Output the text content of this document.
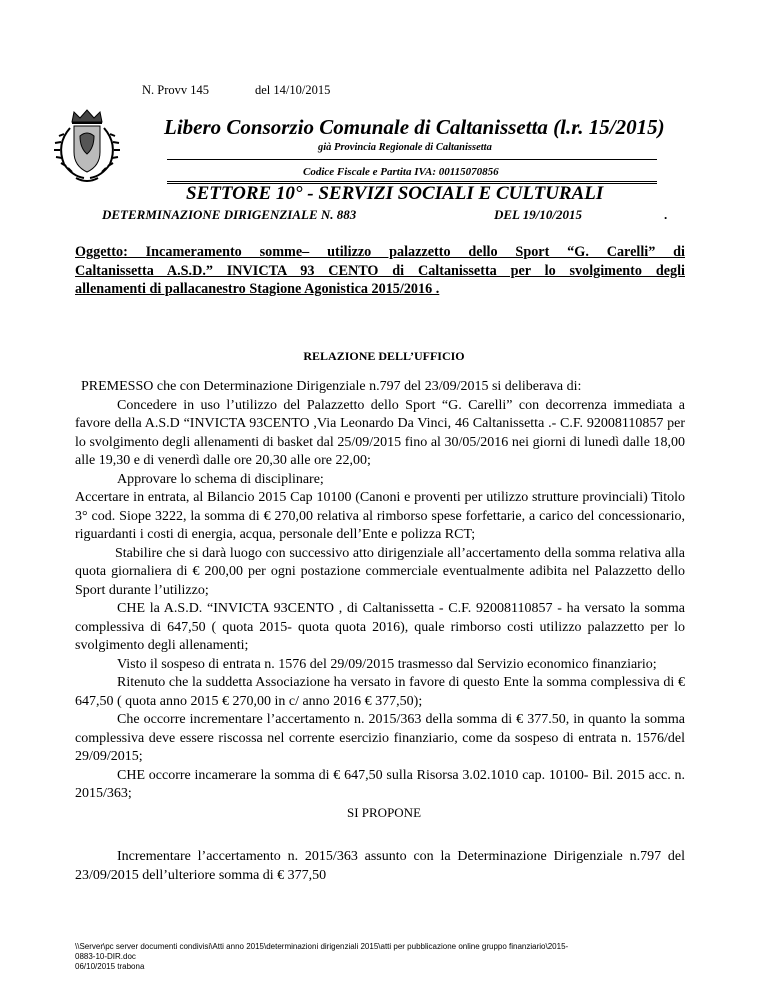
N. Provv 145	del 14/10/2015
Libero Consorzio Comunale di Caltanissetta (l.r. 15/2015)
già Provincia Regionale di Caltanissetta
Codice Fiscale e Partita IVA: 00115070856
SETTORE 10° - SERVIZI SOCIALI E CULTURALI
DETERMINAZIONE DIRIGENZIALE N. 883	DEL 19/10/2015	.
Oggetto: Incameramento somme– utilizzo palazzetto dello Sport “G. Carelli” di
Caltanissetta A.S.D.” INVICTA 93 CENTO di Caltanissetta per lo svolgimento degli
allenamenti di pallacanestro Stagione Agonistica 2015/2016 .
RELAZIONE DELL’UFFICIO

PREMESSO che con Determinazione Dirigenziale n.797 del 23/09/2015 si deliberava di:

Concedere in uso l’utilizzo del Palazzetto dello Sport “G. Carelli” con decorrenza immediata a favore della A.S.D “INVICTA 93CENTO ,Via Leonardo Da Vinci, 46 Caltanissetta .- C.F. 92008110857 per lo svolgimento degli allenamenti di basket dal 25/09/2015 fino al 30/05/2016 nei giorni di lunedì dalle 18,00 alle 19,30 e di venerdì dalle ore 20,30 alle ore 22,00;

Approvare lo schema di disciplinare;

Accertare in entrata, al Bilancio 2015 Cap 10100 (Canoni e proventi per utilizzo strutture provinciali) Titolo 3° cod. Siope 3222, la somma di € 270,00 relativa al rimborso spese forfettarie, a carico del concessionario, riguardanti i costi di energia, acqua, personale dell’Ente e polizza RCT;

Stabilire che si darà luogo con successivo atto dirigenziale all’accertamento della somma relativa alla quota giornaliera di € 200,00 per ogni postazione commerciale eventualmente adibita nel Palazzetto dello Sport durante l’utilizzo;

CHE la A.S.D. “INVICTA 93CENTO , di Caltanissetta - C.F. 92008110857 - ha versato la somma complessiva di 647,50 ( quota 2015- quota quota 2016), quale rimborso costi utilizzo palazzetto per lo svolgimento degli allenamenti;

Visto il sospeso di entrata n. 1576 del 29/09/2015 trasmesso dal Servizio economico finanziario;

Ritenuto che la suddetta Associazione ha versato in favore di questo Ente la somma complessiva di € 647,50 ( quota anno 2015 € 270,00 in c/ anno 2016 € 377,50);

Che occorre incrementare l’accertamento n. 2015/363 della somma di € 377.50, in quanto la somma complessiva deve essere riscossa nel corrente esercizio finanziario, come da sospeso di entrata n. 1576/del 29/09/2015;

CHE occorre incamerare la somma di € 647,50 sulla Risorsa 3.02.1010 cap. 10100- Bil. 2015 acc. n. 2015/363;

SI PROPONE

Incrementare l’accertamento n. 2015/363 assunto con la Determinazione Dirigenziale n.797 del 23/09/2015 dell’ulteriore somma di € 377,50

\\Server\pc server documenti condivisi\Atti anno 2015\determinazioni dirigenziali 2015\atti per pubblicazione online gruppo finanziario\2015-
0883-10-DIR.doc
06/10/2015 trabona
